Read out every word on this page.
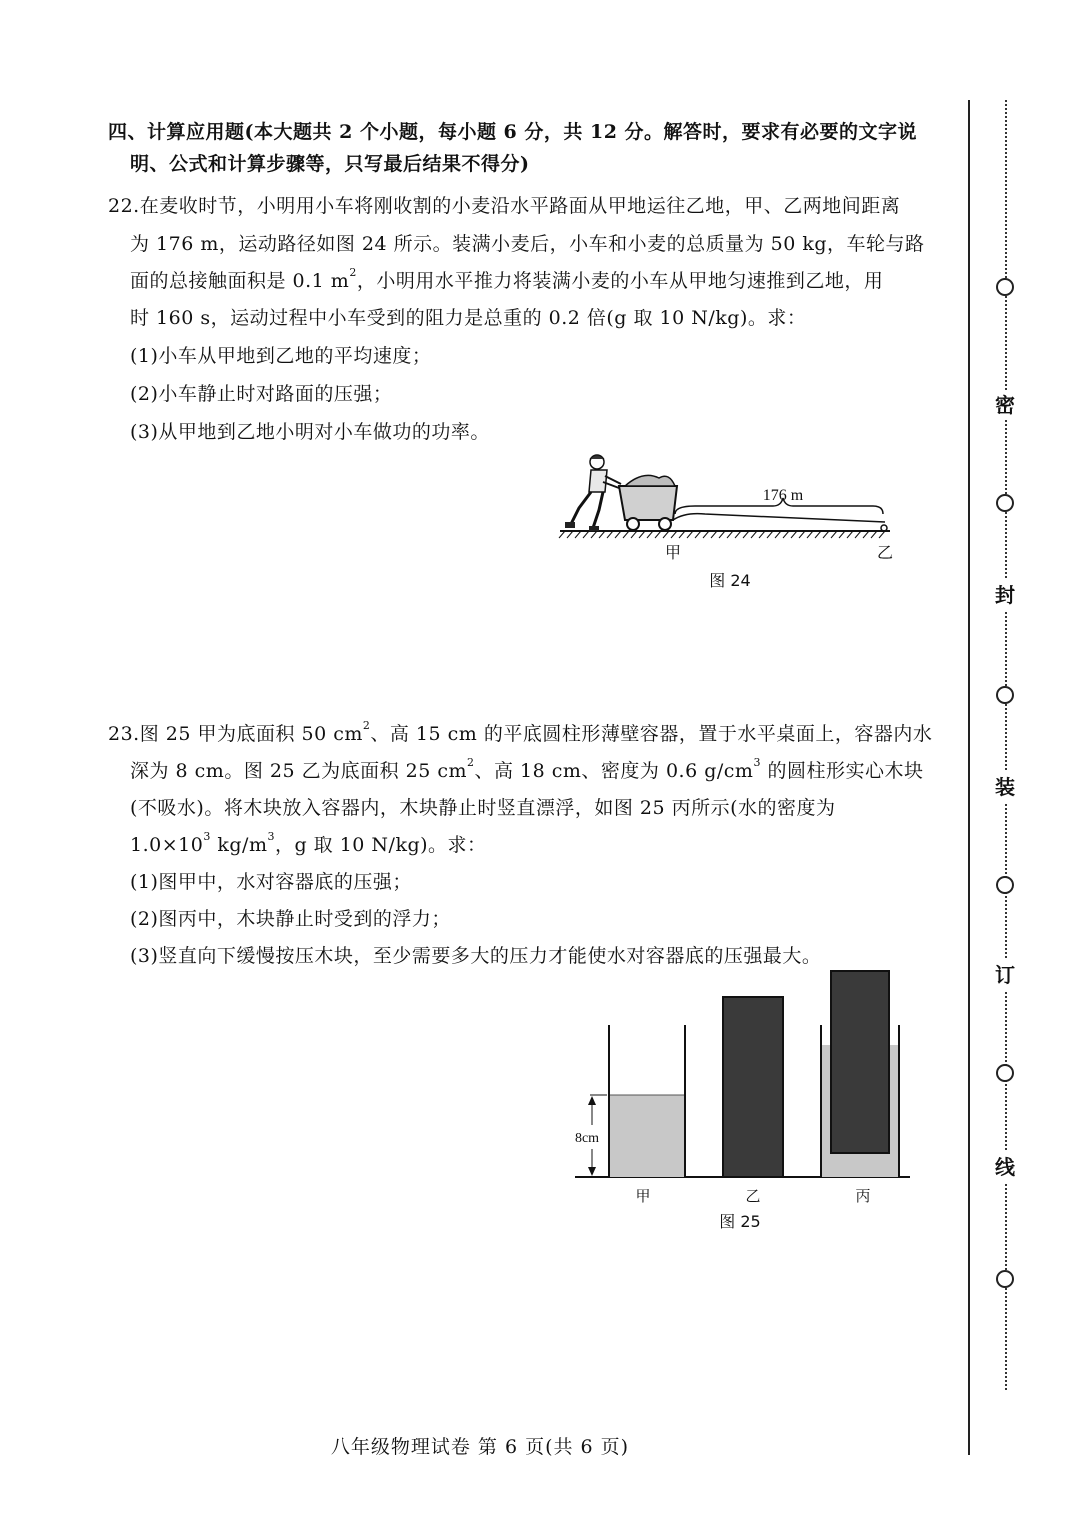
四、计算应用题(本大题共 2 个小题，每小题 6 分，共 12 分。解答时，要求有必要的文字说
明、公式和计算步骤等，只写最后结果不得分)
22.在麦收时节，小明用小车将刚收割的小麦沿水平路面从甲地运往乙地，甲、乙两地间距离
为 176 m，运动路径如图 24 所示。装满小麦后，小车和小麦的总质量为 50 kg，车轮与路
面的总接触面积是 0.1 $m^2$，小明用水平推力将装满小麦的小车从甲地匀速推到乙地，用
时 160 s，运动过程中小车受到的阻力是总重的 0.2 倍(g 取 10 N/kg)。求：
(1)小车从甲地到乙地的平均速度；
(2)小车静止时对路面的压强；
(3)从甲地到乙地小明对小车做功的功率。
176 m
甲	乙
图 24
23.图 25 甲为底面积 50 $cm^2$、高 15 cm 的平底圆柱形薄壁容器，置于水平桌面上，容器内水
深为 8 cm。图 25 乙为底面积 25 $cm^2$、高 18 cm、密度为 0.6 $g/cm^3$ 的圆柱形实心木块
(不吸水)。将木块放入容器内，木块静止时竖直漂浮，如图 25 丙所示(水的密度为
$1.0\times 10^3$ $kg/m^3$，g 取 10 N/kg)。求：
(1)图甲中，水对容器底的压强；
(2)图丙中，木块静止时受到的浮力；
(3)竖直向下缓慢按压木块，至少需要多大的压力才能使水对容器底的压强最大。
8cm
甲	乙	丙
图 25
密
封
装
订
线
八年级物理试卷 第 6 页(共 6 页)
